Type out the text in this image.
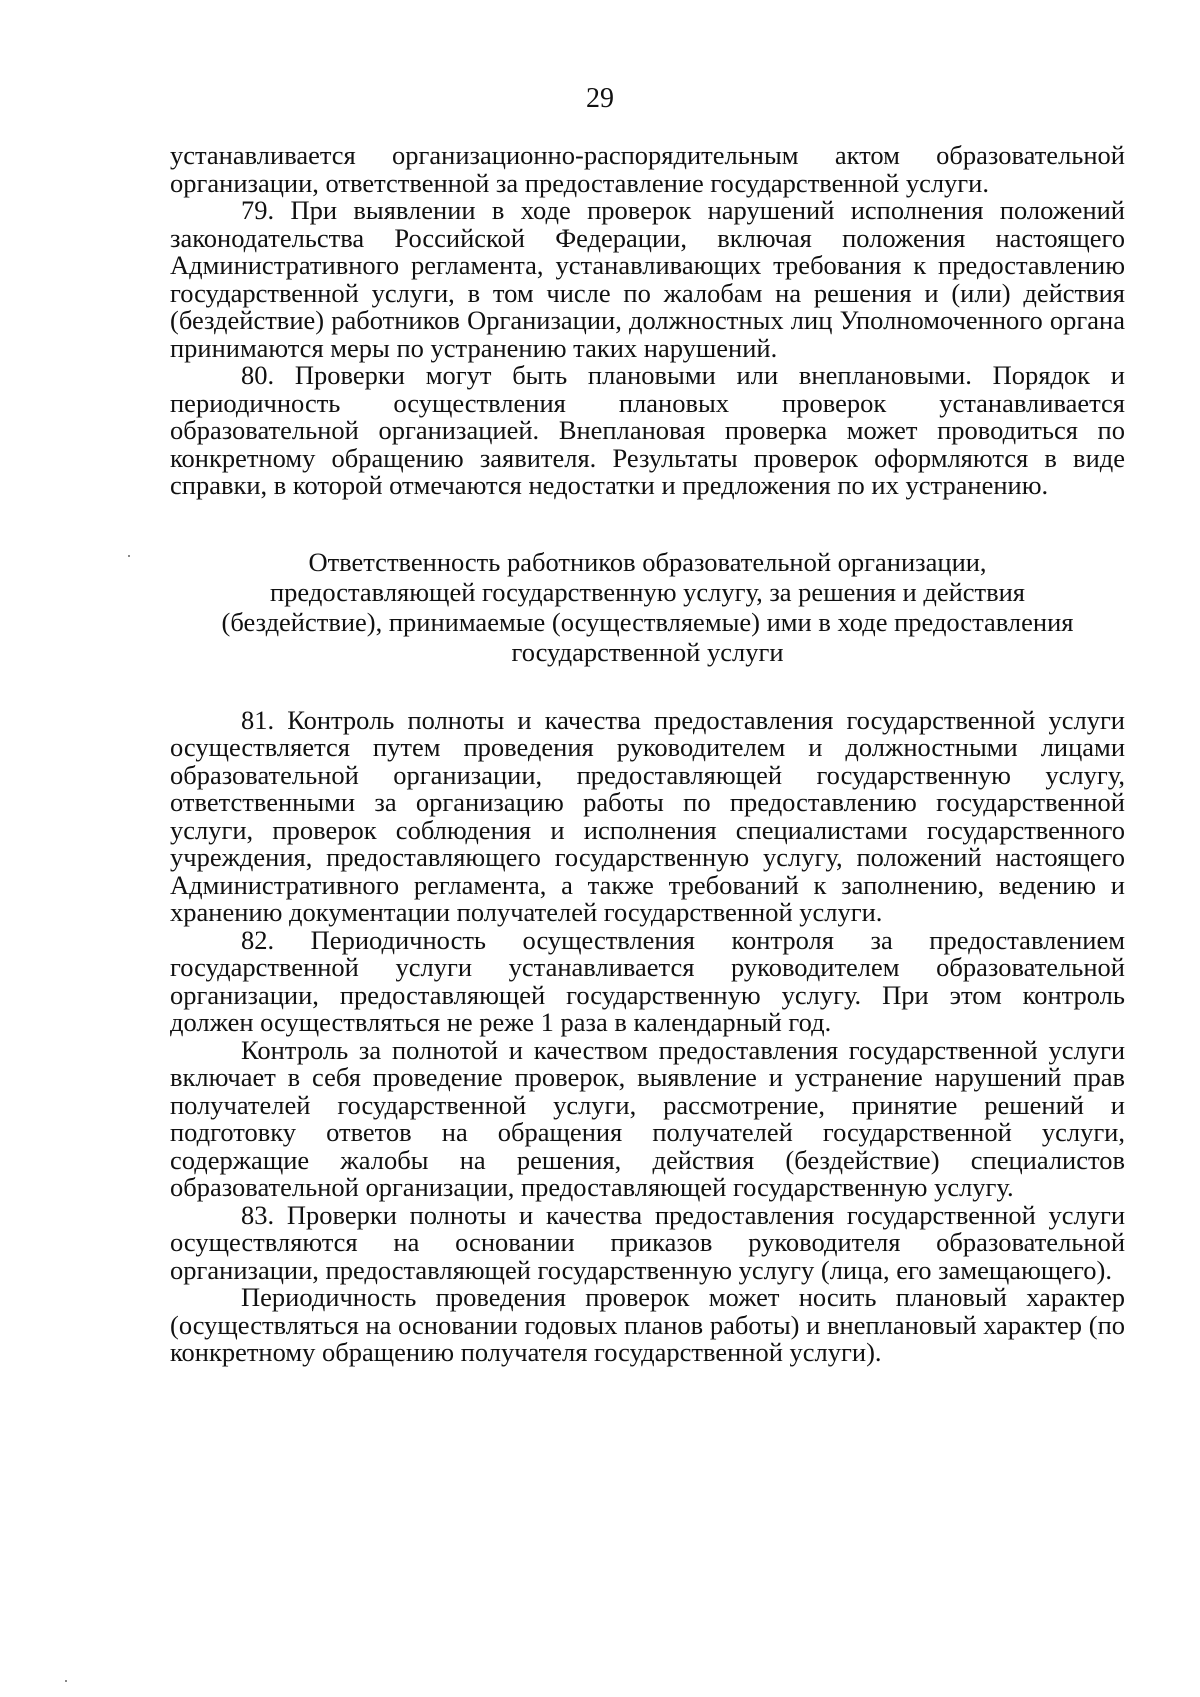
29

устанавливается организационно-распорядительным актом образовательной организации, ответственной за предоставление государственной услуги.

79. При выявлении в ходе проверок нарушений исполнения положений законодательства Российской Федерации, включая положения настоящего Административного регламента, устанавливающих требования к предоставлению государственной услуги, в том числе по жалобам на решения и (или) действия (бездействие) работников Организации, должностных лиц Уполномоченного органа принимаются меры по устранению таких нарушений.

80. Проверки могут быть плановыми или внеплановыми. Порядок и периодичность осуществления плановых проверок устанавливается образовательной организацией. Внеплановая проверка может проводиться по конкретному обращению заявителя. Результаты проверок оформляются в виде справки, в которой отмечаются недостатки и предложения по их устранению.

Ответственность работников образовательной организации,
предоставляющей государственную услугу, за решения и действия
(бездействие), принимаемые (осуществляемые) ими в ходе предоставления
государственной услуги

81. Контроль полноты и качества предоставления государственной услуги осуществляется путем проведения руководителем и должностными лицами образовательной организации, предоставляющей государственную услугу, ответственными за организацию работы по предоставлению государственной услуги, проверок соблюдения и исполнения специалистами государственного учреждения, предоставляющего государственную услугу, положений настоящего Административного регламента, а также требований к заполнению, ведению и хранению документации получателей государственной услуги.

82. Периодичность осуществления контроля за предоставлением государственной услуги устанавливается руководителем образовательной организации, предоставляющей государственную услугу. При этом контроль должен осуществляться не реже 1 раза в календарный год.

Контроль за полнотой и качеством предоставления государственной услуги включает в себя проведение проверок, выявление и устранение нарушений прав получателей государственной услуги, рассмотрение, принятие решений и подготовку ответов на обращения получателей государственной услуги, содержащие жалобы на решения, действия (бездействие) специалистов образовательной организации, предоставляющей государственную услугу.

83. Проверки полноты и качества предоставления государственной услуги осуществляются на основании приказов руководителя образовательной организации, предоставляющей государственную услугу (лица, его замещающего).

Периодичность проведения проверок может носить плановый характер (осуществляться на основании годовых планов работы) и внеплановый характер (по конкретному обращению получателя государственной услуги).
